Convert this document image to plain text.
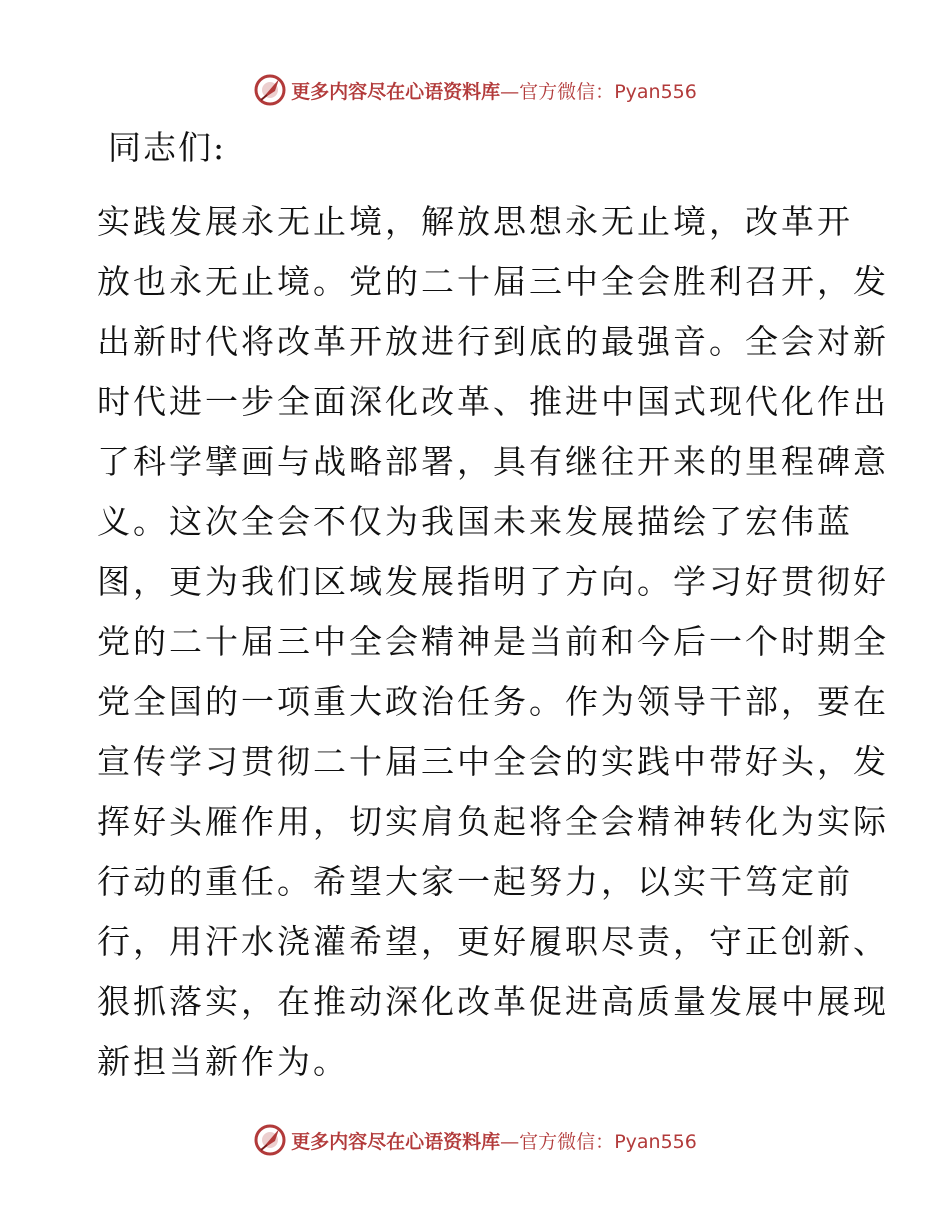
更多内容尽在心语资料库—官方微信：Pyan556
同志们:
实践发展永无止境，解放思想永无止境，改革开
放也永无止境。党的二十届三中全会胜利召开，发
出新时代将改革开放进行到底的最强音。全会对新
时代进一步全面深化改革、推进中国式现代化作出
了科学擘画与战略部署，具有继往开来的里程碑意
义。这次全会不仅为我国未来发展描绘了宏伟蓝
图，更为我们区域发展指明了方向。学习好贯彻好
党的二十届三中全会精神是当前和今后一个时期全
党全国的一项重大政治任务。作为领导干部，要在
宣传学习贯彻二十届三中全会的实践中带好头，发
挥好头雁作用，切实肩负起将全会精神转化为实际
行动的重任。希望大家一起努力，以实干笃定前
行，用汗水浇灌希望，更好履职尽责，守正创新、
狠抓落实，在推动深化改革促进高质量发展中展现
新担当新作为。
更多内容尽在心语资料库—官方微信：Pyan556
